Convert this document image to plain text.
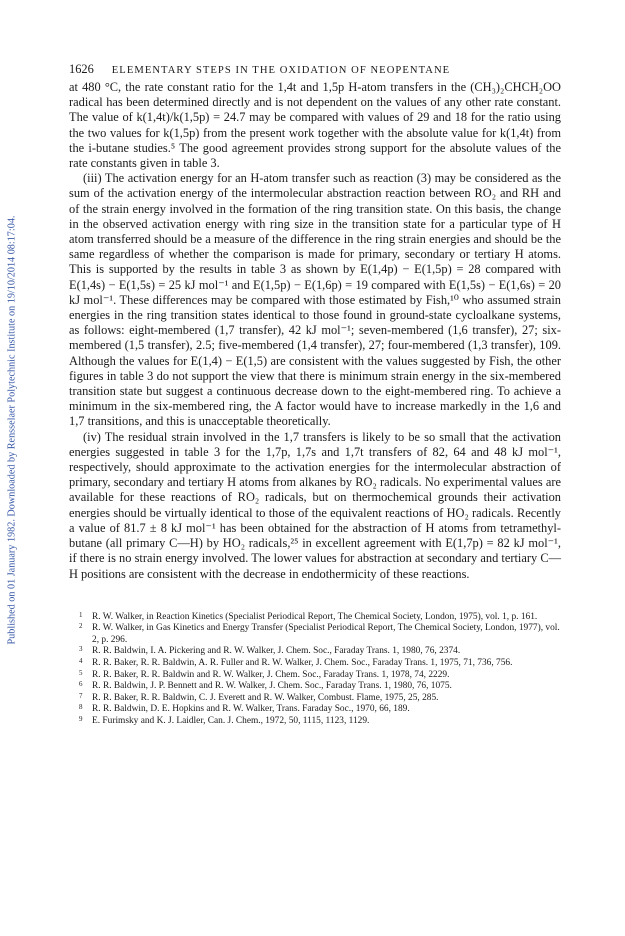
Published on 01 January 1982. Downloaded by Rensselaer Polytechnic Institute on 19/10/2014 08:17:04.
1626 ELEMENTARY STEPS IN THE OXIDATION OF NEOPENTANE

at 480 °C, the rate constant ratio for the 1,4t and 1,5p H-atom transfers in the (CH₃)₂CHCH₂OO radical has been determined directly and is not dependent on the values of any other rate constant. The value of k(1,4t)/k(1,5p) = 24.7 may be compared with values of 29 and 18 for the ratio using the two values for k(1,5p) from the present work together with the absolute value for k(1,4t) from the i-butane studies.⁵ The good agreement provides strong support for the absolute values of the rate constants given in table 3.

(iii) The activation energy for an H-atom transfer such as reaction (3) may be considered as the sum of the activation energy of the intermolecular abstraction reaction between RO₂ and RH and of the strain energy involved in the formation of the ring transition state. On this basis, the change in the observed activation energy with ring size in the transition state for a particular type of H atom transferred should be a measure of the difference in the ring strain energies and should be the same regardless of whether the comparison is made for primary, secondary or tertiary H atoms. This is supported by the results in table 3 as shown by E(1,4p) − E(1,5p) = 28 compared with E(1,4s) − E(1,5s) = 25 kJ mol⁻¹ and E(1,5p) − E(1,6p) = 19 compared with E(1,5s) − E(1,6s) = 20 kJ mol⁻¹. These differences may be compared with those estimated by Fish,¹⁰ who assumed strain energies in the ring transition states identical to those found in ground-state cycloalkane systems, as follows: eight-membered (1,7 transfer), 42 kJ mol⁻¹; seven-membered (1,6 transfer), 27; six-membered (1,5 transfer), 2.5; five-membered (1,4 transfer), 27; four-membered (1,3 transfer), 109. Although the values for E(1,4) − E(1,5) are consistent with the values suggested by Fish, the other figures in table 3 do not support the view that there is minimum strain energy in the six-membered transition state but suggest a continuous decrease down to the eight-membered ring. To achieve a minimum in the six-membered ring, the A factor would have to increase markedly in the 1,6 and 1,7 transitions, and this is unacceptable theoretically.

(iv) The residual strain involved in the 1,7 transfers is likely to be so small that the activation energies suggested in table 3 for the 1,7p, 1,7s and 1,7t transfers of 82, 64 and 48 kJ mol⁻¹, respectively, should approximate to the activation energies for the intermolecular abstraction of primary, secondary and tertiary H atoms from alkanes by RO₂ radicals. No experimental values are available for these reactions of RO₂ radicals, but on thermochemical grounds their activation energies should be virtually identical to those of the equivalent reactions of HO₂ radicals. Recently a value of 81.7 ± 8 kJ mol⁻¹ has been obtained for the abstraction of H atoms from tetramethyl-butane (all primary C—H) by HO₂ radicals,²⁵ in excellent agreement with E(1,7p) = 82 kJ mol⁻¹, if there is no strain energy involved. The lower values for abstraction at secondary and tertiary C—H positions are consistent with the decrease in endothermicity of these reactions.

1 R. W. Walker, in Reaction Kinetics (Specialist Periodical Report, The Chemical Society, London, 1975), vol. 1, p. 161.
2 R. W. Walker, in Gas Kinetics and Energy Transfer (Specialist Periodical Report, The Chemical Society, London, 1977), vol. 2, p. 296.
3 R. R. Baldwin, I. A. Pickering and R. W. Walker, J. Chem. Soc., Faraday Trans. 1, 1980, 76, 2374.
4 R. R. Baker, R. R. Baldwin, A. R. Fuller and R. W. Walker, J. Chem. Soc., Faraday Trans. 1, 1975, 71, 736, 756.
5 R. R. Baker, R. R. Baldwin and R. W. Walker, J. Chem. Soc., Faraday Trans. 1, 1978, 74, 2229.
6 R. R. Baldwin, J. P. Bennett and R. W. Walker, J. Chem. Soc., Faraday Trans. 1, 1980, 76, 1075.
7 R. R. Baker, R. R. Baldwin, C. J. Everett and R. W. Walker, Combust. Flame, 1975, 25, 285.
8 R. R. Baldwin, D. E. Hopkins and R. W. Walker, Trans. Faraday Soc., 1970, 66, 189.
9 E. Furimsky and K. J. Laidler, Can. J. Chem., 1972, 50, 1115, 1123, 1129.
